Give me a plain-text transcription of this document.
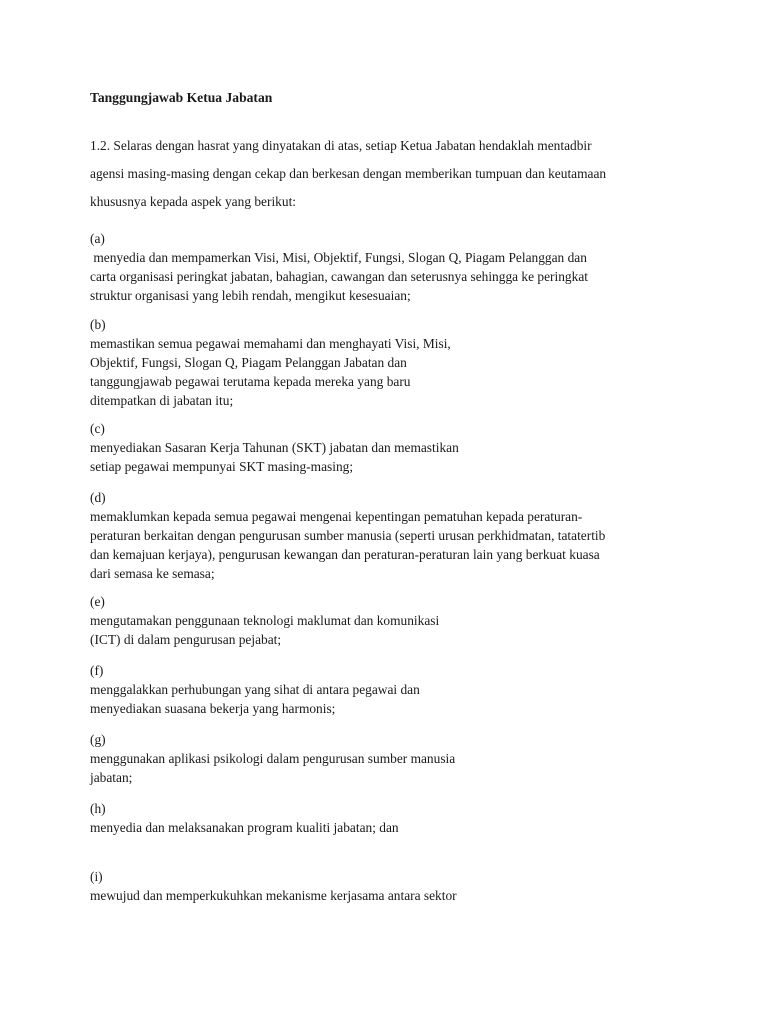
Tanggungjawab Ketua Jabatan
1.2. Selaras dengan hasrat yang dinyatakan di atas, setiap Ketua Jabatan hendaklah mentadbir
agensi masing-masing dengan cekap dan berkesan dengan memberikan tumpuan dan keutamaan
khususnya kepada aspek yang berikut:
(a)
menyedia dan mempamerkan Visi, Misi, Objektif, Fungsi, Slogan Q, Piagam Pelanggan dan
carta organisasi peringkat jabatan, bahagian, cawangan dan seterusnya sehingga ke peringkat
struktur organisasi yang lebih rendah, mengikut kesesuaian;
(b)
memastikan semua pegawai memahami dan menghayati Visi, Misi,
Objektif, Fungsi, Slogan Q, Piagam Pelanggan Jabatan dan
tanggungjawab pegawai terutama kepada mereka yang baru
ditempatkan di jabatan itu;
(c)
menyediakan Sasaran Kerja Tahunan (SKT) jabatan dan memastikan
setiap pegawai mempunyai SKT masing-masing;
(d)
memaklumkan kepada semua pegawai mengenai kepentingan pematuhan kepada peraturan-
peraturan berkaitan dengan pengurusan sumber manusia (seperti urusan perkhidmatan, tatatertib
dan kemajuan kerjaya), pengurusan kewangan dan peraturan-peraturan lain yang berkuat kuasa
dari semasa ke semasa;
(e)
mengutamakan penggunaan teknologi maklumat dan komunikasi
(ICT) di dalam pengurusan pejabat;
(f)
menggalakkan perhubungan yang sihat di antara pegawai dan
menyediakan suasana bekerja yang harmonis;
(g)
menggunakan aplikasi psikologi dalam pengurusan sumber manusia
jabatan;
(h)
menyedia dan melaksanakan program kualiti jabatan; dan
(i)
mewujud dan memperkukuhkan mekanisme kerjasama antara sektor
